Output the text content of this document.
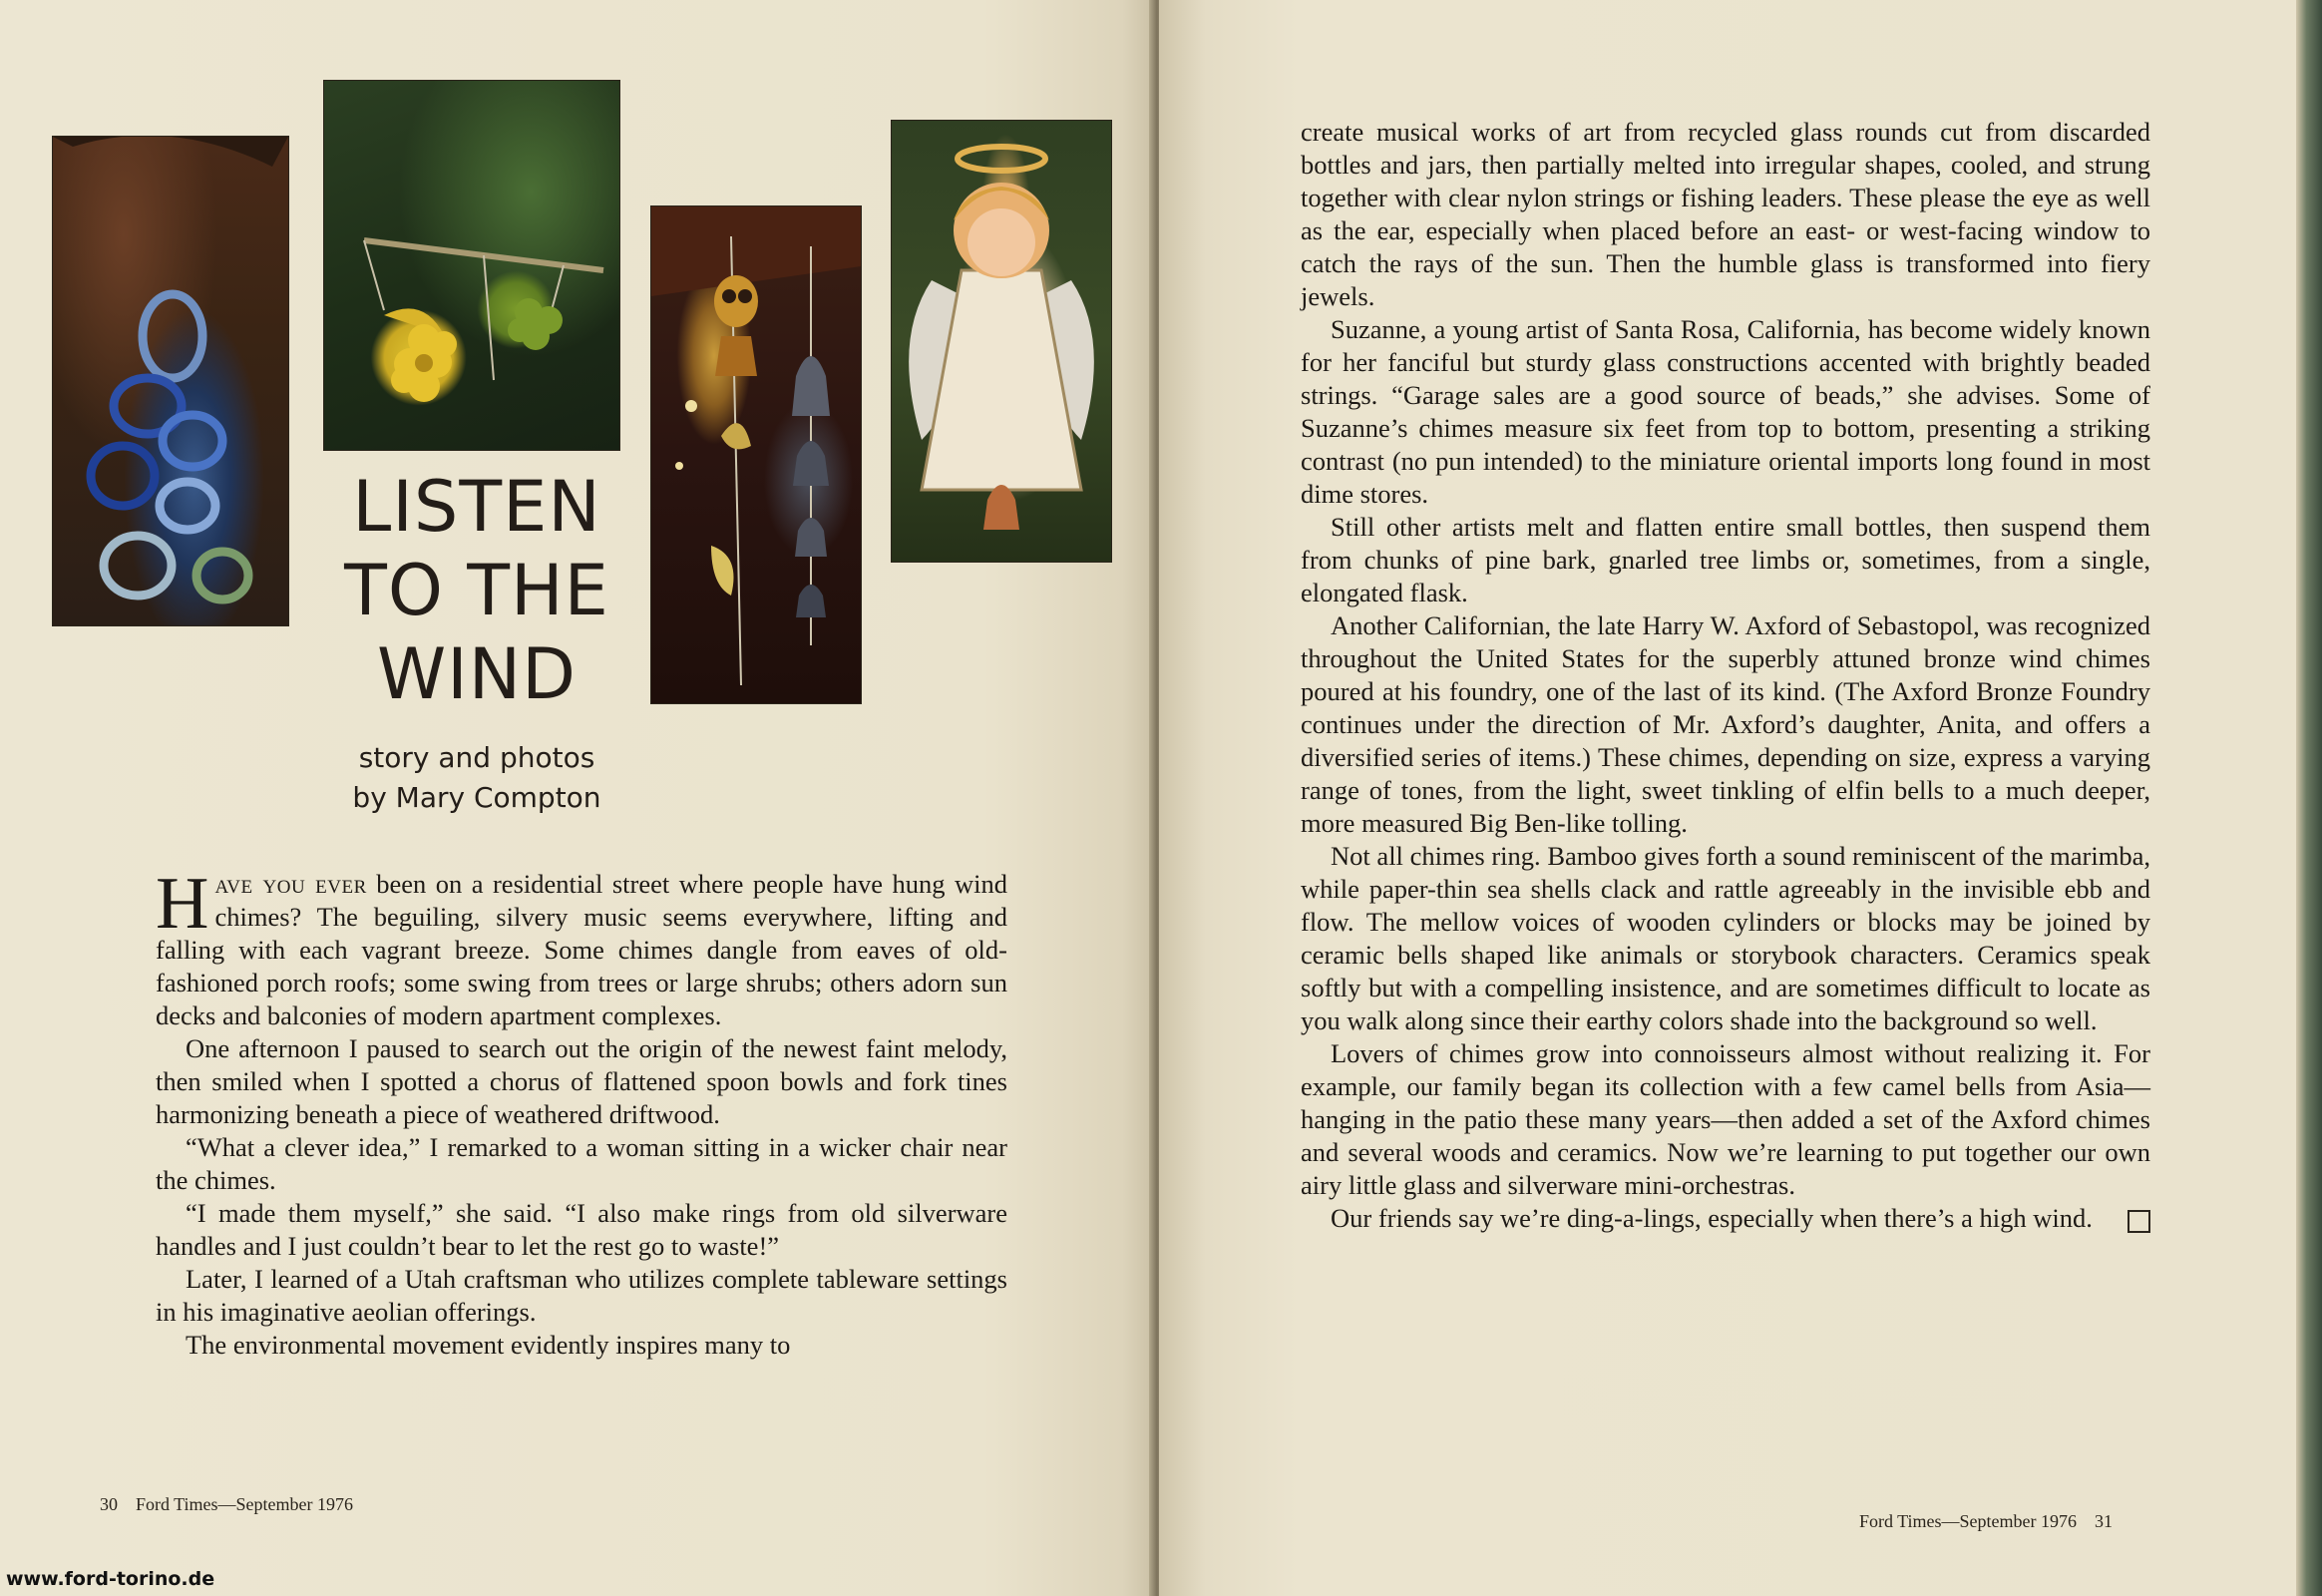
LISTEN
TO THE
WIND
story and photos
by Mary Compton

Have you ever been on a residential street where people have hung wind chimes? The beguiling, silvery music seems everywhere, lifting and falling with each vagrant breeze. Some chimes dangle from eaves of old-fashioned porch roofs; some swing from trees or large shrubs; others adorn sun decks and balconies of modern apartment complexes.

One afternoon I paused to search out the origin of the newest faint melody, then smiled when I spotted a chorus of flattened spoon bowls and fork tines harmonizing beneath a piece of weathered driftwood.

“What a clever idea,” I remarked to a woman sitting in a wicker chair near the chimes.

“I made them myself,” she said. “I also make rings from old silverware handles and I just couldn’t bear to let the rest go to waste!”

Later, I learned of a Utah craftsman who utilizes complete tableware settings in his imaginative aeolian offerings.

The environmental movement evidently inspires many to

30 Ford Times—September 1976
www.ford-torino.de

create musical works of art from recycled glass rounds cut from discarded bottles and jars, then partially melted into irregular shapes, cooled, and strung together with clear nylon strings or fishing leaders. These please the eye as well as the ear, especially when placed before an east- or west-facing window to catch the rays of the sun. Then the humble glass is transformed into fiery jewels.

Suzanne, a young artist of Santa Rosa, California, has become widely known for her fanciful but sturdy glass constructions accented with brightly beaded strings. “Garage sales are a good source of beads,” she advises. Some of Suzanne’s chimes measure six feet from top to bottom, presenting a striking contrast (no pun intended) to the miniature oriental imports long found in most dime stores.

Still other artists melt and flatten entire small bottles, then suspend them from chunks of pine bark, gnarled tree limbs or, sometimes, from a single, elongated flask.

Another Californian, the late Harry W. Axford of Sebastopol, was recognized throughout the United States for the superbly attuned bronze wind chimes poured at his foundry, one of the last of its kind. (The Axford Bronze Foundry continues under the direction of Mr. Axford’s daughter, Anita, and offers a diversified series of items.) These chimes, depending on size, express a varying range of tones, from the light, sweet tinkling of elfin bells to a much deeper, more measured Big Ben-like tolling.

Not all chimes ring. Bamboo gives forth a sound reminiscent of the marimba, while paper-thin sea shells clack and rattle agreeably in the invisible ebb and flow. The mellow voices of wooden cylinders or blocks may be joined by ceramic bells shaped like animals or storybook characters. Ceramics speak softly but with a compelling insistence, and are sometimes difficult to locate as you walk along since their earthy colors shade into the background so well.

Lovers of chimes grow into connoisseurs almost without realizing it. For example, our family began its collection with a few camel bells from Asia—hanging in the patio these many years—then added a set of the Axford chimes and several woods and ceramics. Now we’re learning to put together our own airy little glass and silverware mini-orchestras.

Our friends say we’re ding-a-lings, especially when there’s a high wind.

Ford Times—September 1976 31
